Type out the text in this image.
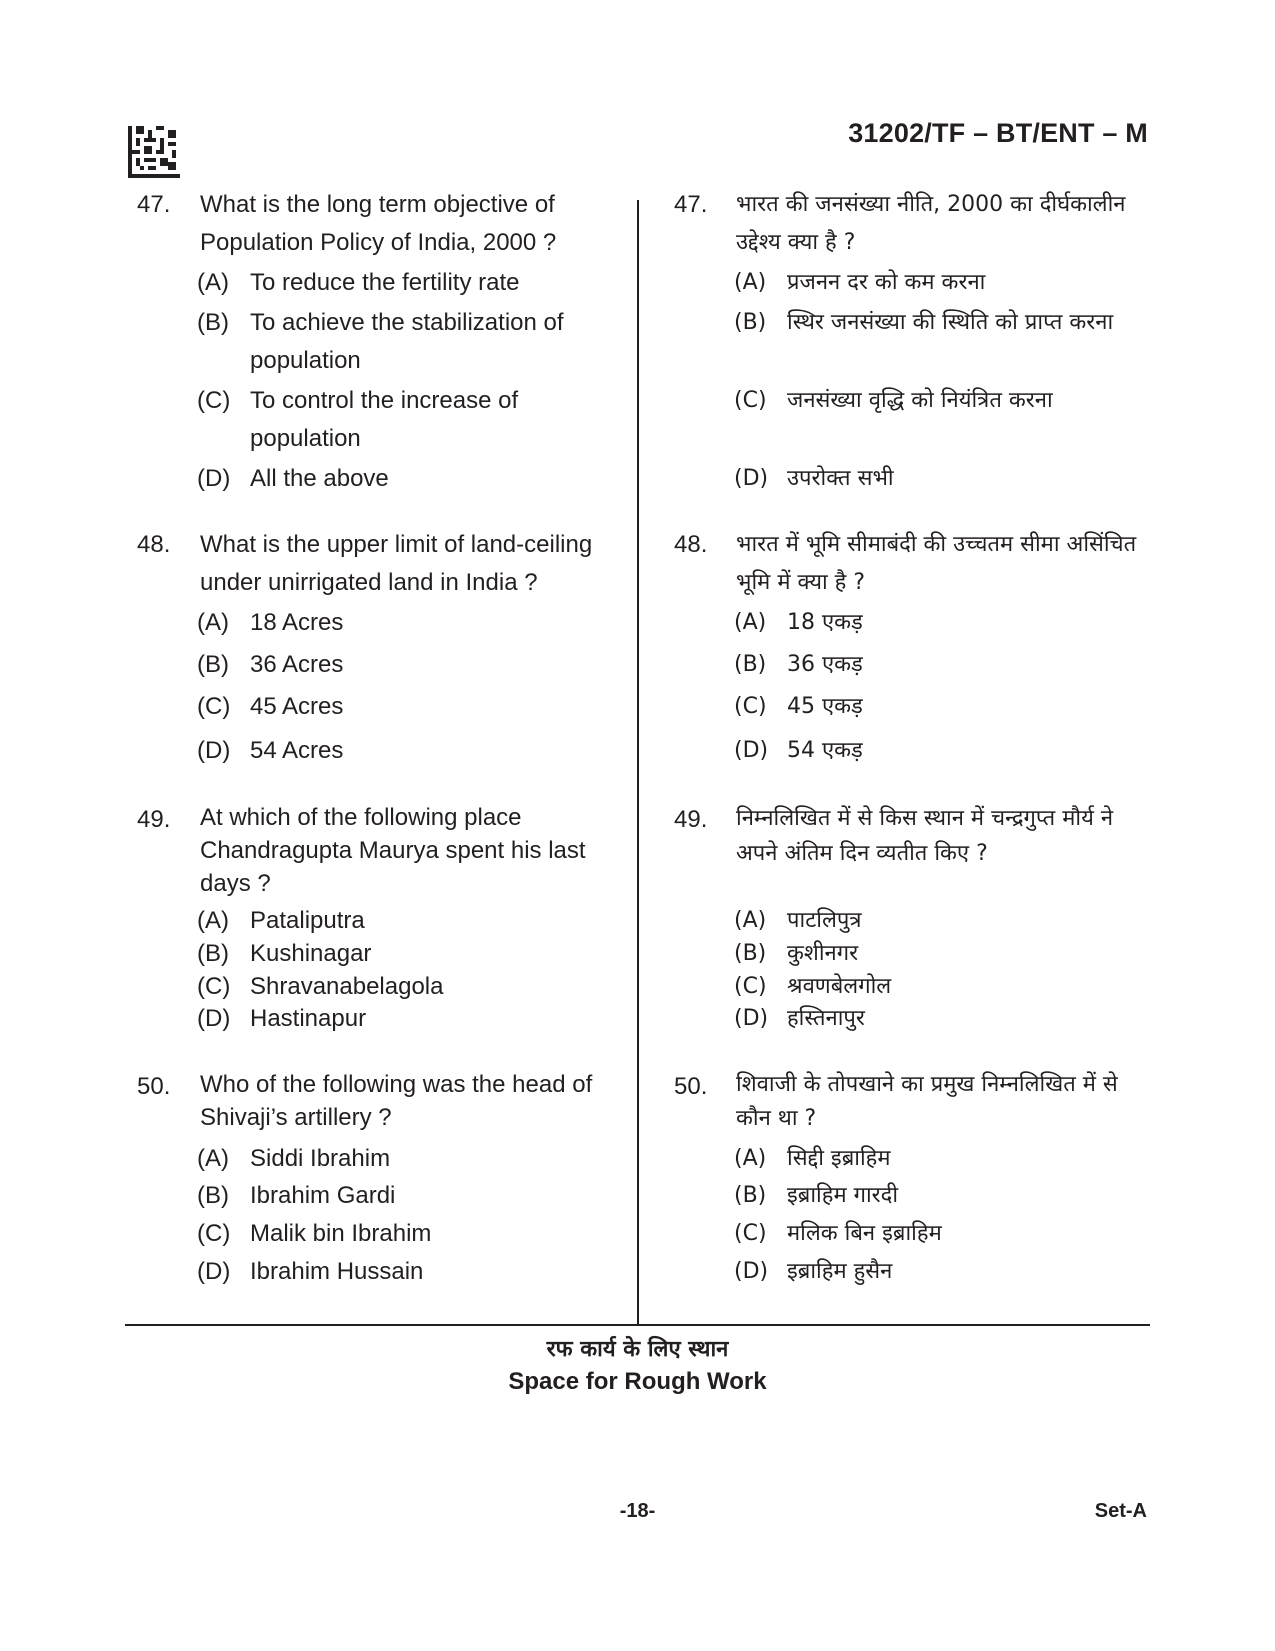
31202/TF – BT/ENT – M
47. What is the long term objective of Population Policy of India, 2000 ?
(A) To reduce the fertility rate
(B) To achieve the stabilization of population
(C) To control the increase of population
(D) All the above
48. What is the upper limit of land-ceiling under unirrigated land in India ?
(A) 18 Acres
(B) 36 Acres
(C) 45 Acres
(D) 54 Acres
49. At which of the following place Chandragupta Maurya spent his last days ?
(A) Pataliputra
(B) Kushinagar
(C) Shravanabelagola
(D) Hastinapur
50. Who of the following was the head of Shivaji’s artillery ?
(A) Siddi Ibrahim
(B) Ibrahim Gardi
(C) Malik bin Ibrahim
(D) Ibrahim Hussain
47. भारत की जनसंख्या नीति, 2000 का दीर्घकालीन उद्देश्य क्या है ?
(A) प्रजनन दर को कम करना
(B) स्थिर जनसंख्या की स्थिति को प्राप्त करना
(C) जनसंख्या वृद्धि को नियंत्रित करना
(D) उपरोक्त सभी
48. भारत में भूमि सीमाबंदी की उच्चतम सीमा असिंचित भूमि में क्या है ?
(A) 18 एकड़
(B) 36 एकड़
(C) 45 एकड़
(D) 54 एकड़
49. निम्नलिखित में से किस स्थान में चन्द्रगुप्त मौर्य ने अपने अंतिम दिन व्यतीत किए ?
(A) पाटलिपुत्र
(B) कुशीनगर
(C) श्रवणबेलगोल
(D) हस्तिनापुर
50. शिवाजी के तोपखाने का प्रमुख निम्नलिखित में से कौन था ?
(A) सिद्दी इब्राहिम
(B) इब्राहिम गारदी
(C) मलिक बिन इब्राहिम
(D) इब्राहिम हुसैन
रफ कार्य के लिए स्थान
Space for Rough Work
-18-	Set-A
